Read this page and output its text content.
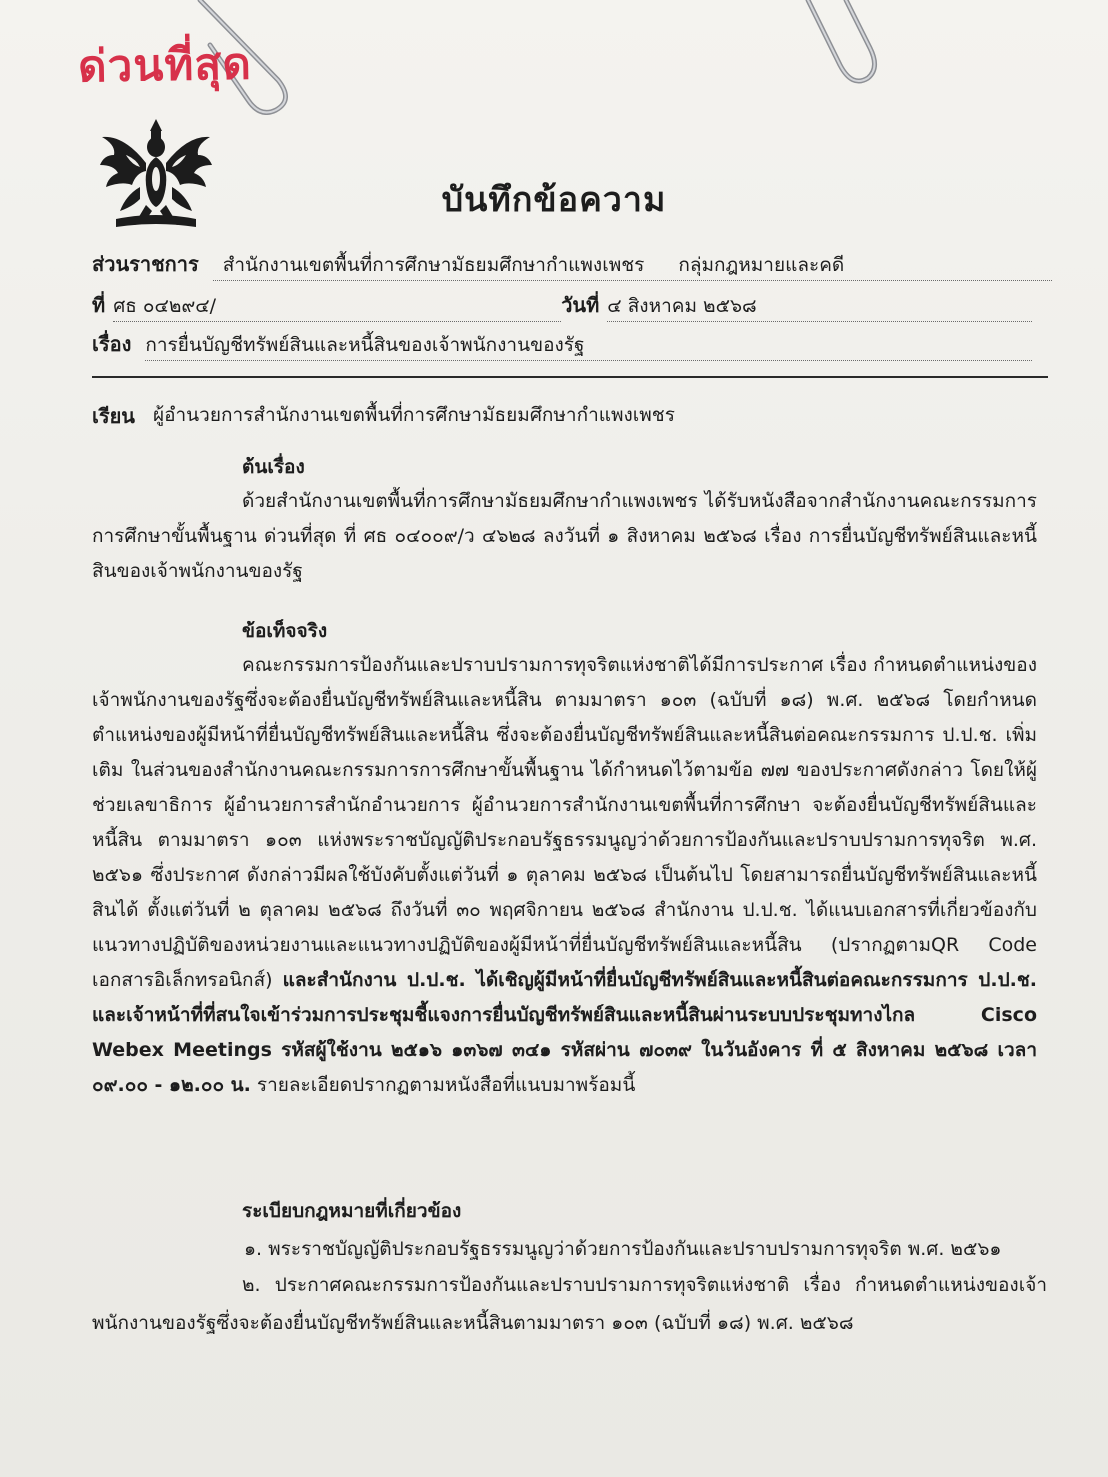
ด่วนที่สุด
บันทึกข้อความ
ส่วนราชการ สำนักงานเขตพื้นที่การศึกษามัธยมศึกษากำแพงเพชร กลุ่มกฎหมายและคดี
ที่ ศธ ๐๔๒๙๔/	วันที่ ๔ สิงหาคม ๒๕๖๘
เรื่อง การยื่นบัญชีทรัพย์สินและหนี้สินของเจ้าพนักงานของรัฐ
เรียน ผู้อำนวยการสำนักงานเขตพื้นที่การศึกษามัธยมศึกษากำแพงเพชร
ต้นเรื่อง
ด้วยสำนักงานเขตพื้นที่การศึกษามัธยมศึกษากำแพงเพชร ได้รับหนังสือจากสำนักงานคณะกรรมการการศึกษาขั้นพื้นฐาน ด่วนที่สุด ที่ ศธ ๐๔๐๐๙/ว ๔๖๒๘ ลงวันที่ ๑ สิงหาคม ๒๕๖๘ เรื่อง การยื่นบัญชีทรัพย์สินและหนี้สินของเจ้าพนักงานของรัฐ
ข้อเท็จจริง
คณะกรรมการป้องกันและปราบปรามการทุจริตแห่งชาติได้มีการประกาศ เรื่อง กำหนดตำแหน่งของเจ้าพนักงานของรัฐซึ่งจะต้องยื่นบัญชีทรัพย์สินและหนี้สิน ตามมาตรา ๑๐๓ (ฉบับที่ ๑๘) พ.ศ. ๒๕๖๘ โดยกำหนดตำแหน่งของผู้มีหน้าที่ยื่นบัญชีทรัพย์สินและหนี้สิน ซึ่งจะต้องยื่นบัญชีทรัพย์สินและหนี้สินต่อคณะกรรมการ ป.ป.ช. เพิ่มเติม ในส่วนของสำนักงานคณะกรรมการการศึกษาขั้นพื้นฐาน ได้กำหนดไว้ตามข้อ ๗๗ ของประกาศดังกล่าว โดยให้ผู้ช่วยเลขาธิการ ผู้อำนวยการสำนักอำนวยการ ผู้อำนวยการสำนักงานเขตพื้นที่การศึกษา จะต้องยื่นบัญชีทรัพย์สินและหนี้สิน ตามมาตรา ๑๐๓ แห่งพระราชบัญญัติประกอบรัฐธรรมนูญว่าด้วยการป้องกันและปราบปรามการทุจริต พ.ศ. ๒๕๖๑ ซึ่งประกาศ ดังกล่าวมีผลใช้บังคับตั้งแต่วันที่ ๑ ตุลาคม ๒๕๖๘ เป็นต้นไป โดยสามารถยื่นบัญชีทรัพย์สินและหนี้สินได้ ตั้งแต่วันที่ ๒ ตุลาคม ๒๕๖๘ ถึงวันที่ ๓๐ พฤศจิกายน ๒๕๖๘ สำนักงาน ป.ป.ช. ได้แนบเอกสารที่เกี่ยวข้องกับแนวทางปฏิบัติของหน่วยงานและแนวทางปฏิบัติของผู้มีหน้าที่ยื่นบัญชีทรัพย์สินและหนี้สิน (ปรากฏตามQR Code เอกสารอิเล็กทรอนิกส์) และสำนักงาน ป.ป.ช. ได้เชิญผู้มีหน้าที่ยื่นบัญชีทรัพย์สินและหนี้สินต่อคณะกรรมการ ป.ป.ช. และเจ้าหน้าที่ที่สนใจเข้าร่วมการประชุมชี้แจงการยื่นบัญชีทรัพย์สินและหนี้สินผ่านระบบประชุมทางไกล Cisco Webex Meetings รหัสผู้ใช้งาน ๒๕๑๖ ๑๓๖๗ ๓๔๑ รหัสผ่าน ๗๐๓๙ ในวันอังคาร ที่ ๕ สิงหาคม ๒๕๖๘ เวลา ๐๙.๐๐ - ๑๒.๐๐ น. รายละเอียดปรากฏตามหนังสือที่แนบมาพร้อมนี้
ระเบียบกฎหมายที่เกี่ยวข้อง
๑. พระราชบัญญัติประกอบรัฐธรรมนูญว่าด้วยการป้องกันและปราบปรามการทุจริต พ.ศ. ๒๕๖๑
๒. ประกาศคณะกรรมการป้องกันและปราบปรามการทุจริตแห่งชาติ เรื่อง กำหนดตำแหน่งของเจ้าพนักงานของรัฐซึ่งจะต้องยื่นบัญชีทรัพย์สินและหนี้สินตามมาตรา ๑๐๓ (ฉบับที่ ๑๘) พ.ศ. ๒๕๖๘
